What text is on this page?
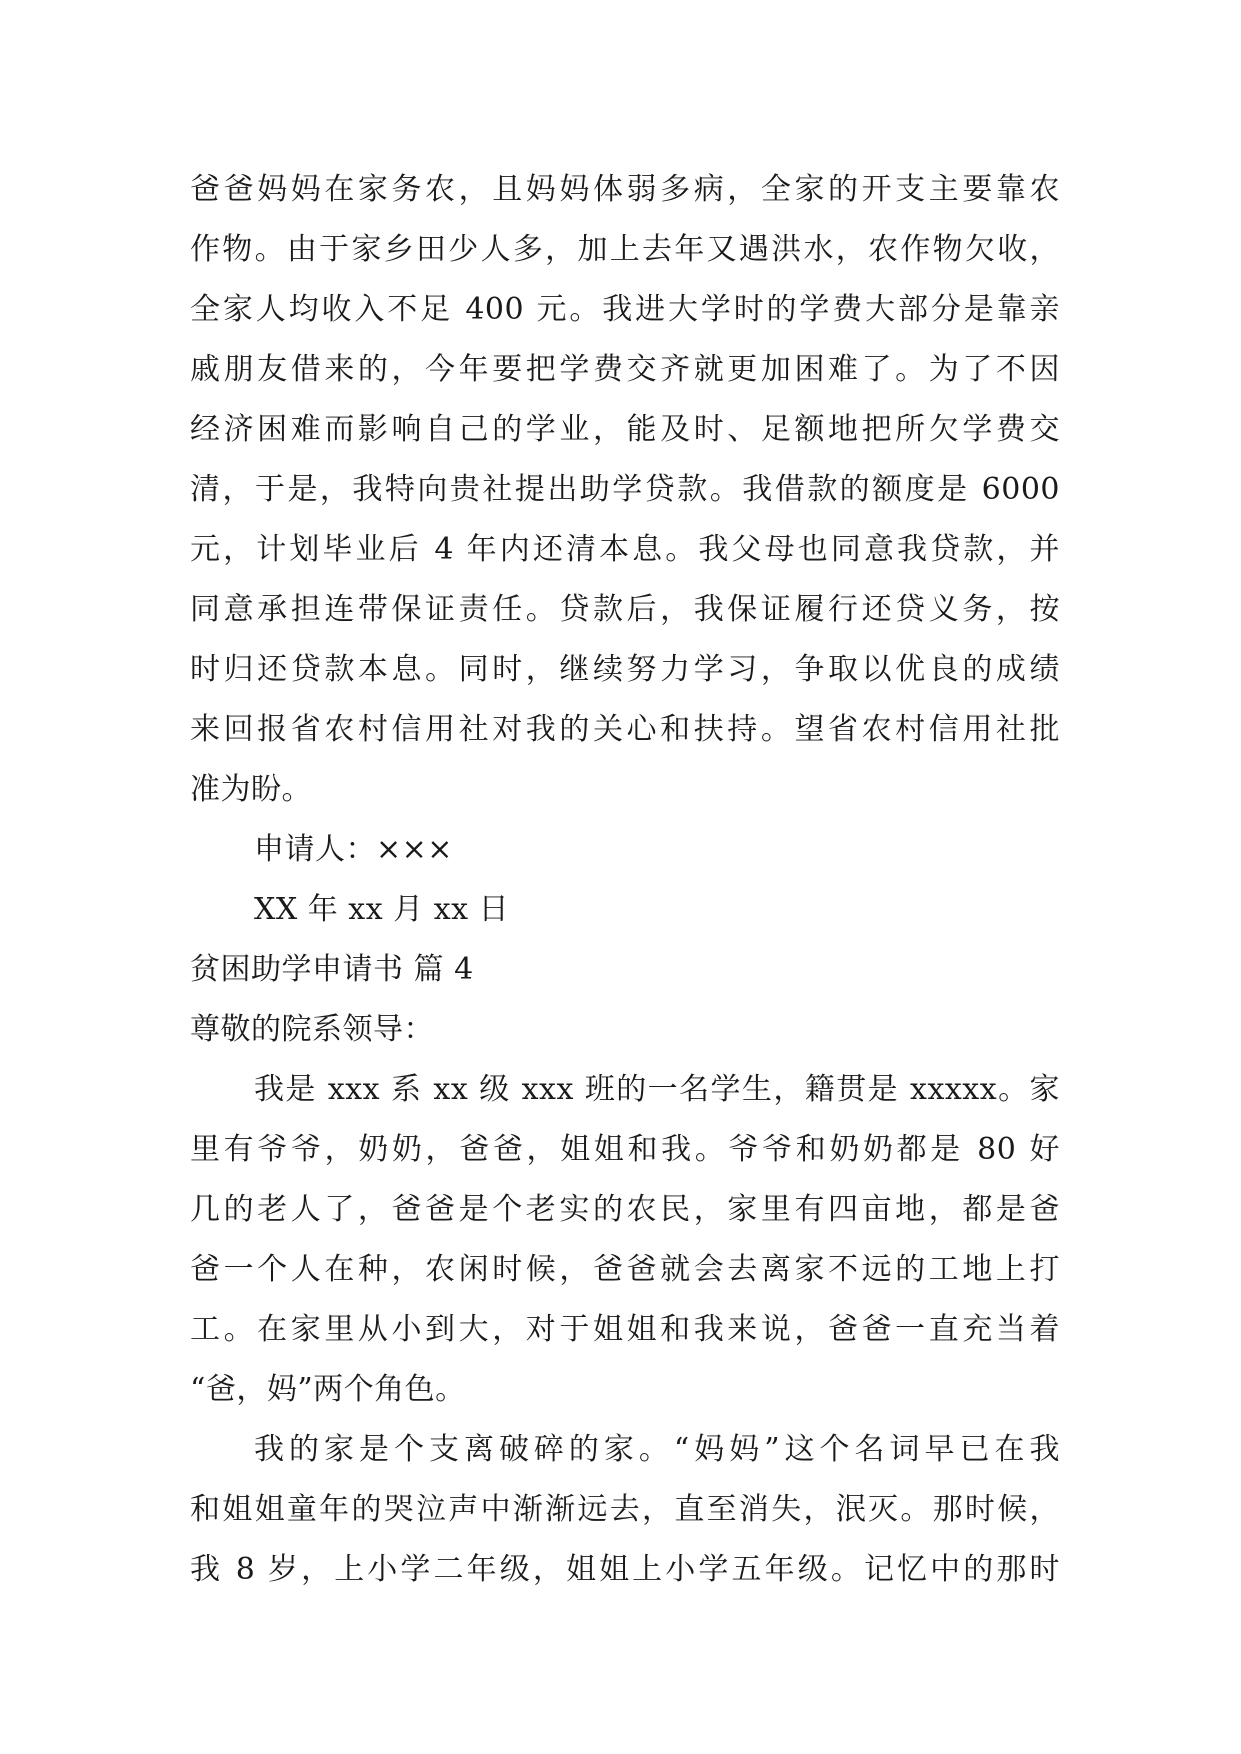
爸爸妈妈在家务农，且妈妈体弱多病，全家的开支主要靠农
作物。由于家乡田少人多，加上去年又遇洪水，农作物欠收，
全家人均收入不足 400 元。我进大学时的学费大部分是靠亲
戚朋友借来的，今年要把学费交齐就更加困难了。为了不因
经济困难而影响自己的学业，能及时、足额地把所欠学费交
清，于是，我特向贵社提出助学贷款。我借款的额度是 6000
元，计划毕业后 4 年内还清本息。我父母也同意我贷款，并
同意承担连带保证责任。贷款后，我保证履行还贷义务，按
时归还贷款本息。同时，继续努力学习，争取以优良的成绩
来回报省农村信用社对我的关心和扶持。望省农村信用社批
准为盼。
申请人：×××
XX 年 xx 月 xx 日
贫困助学申请书 篇 4
尊敬的院系领导：
我是 xxx 系 xx 级 xxx 班的一名学生，籍贯是 xxxxx。家
里有爷爷，奶奶，爸爸，姐姐和我。爷爷和奶奶都是 80 好
几的老人了，爸爸是个老实的农民，家里有四亩地，都是爸
爸一个人在种，农闲时候，爸爸就会去离家不远的工地上打
工。在家里从小到大，对于姐姐和我来说，爸爸一直充当着
“爸，妈”两个角色。
我的家是个支离破碎的家。“妈妈”这个名词早已在我
和姐姐童年的哭泣声中渐渐远去，直至消失，泯灭。那时候，
我 8 岁，上小学二年级，姐姐上小学五年级。记忆中的那时
